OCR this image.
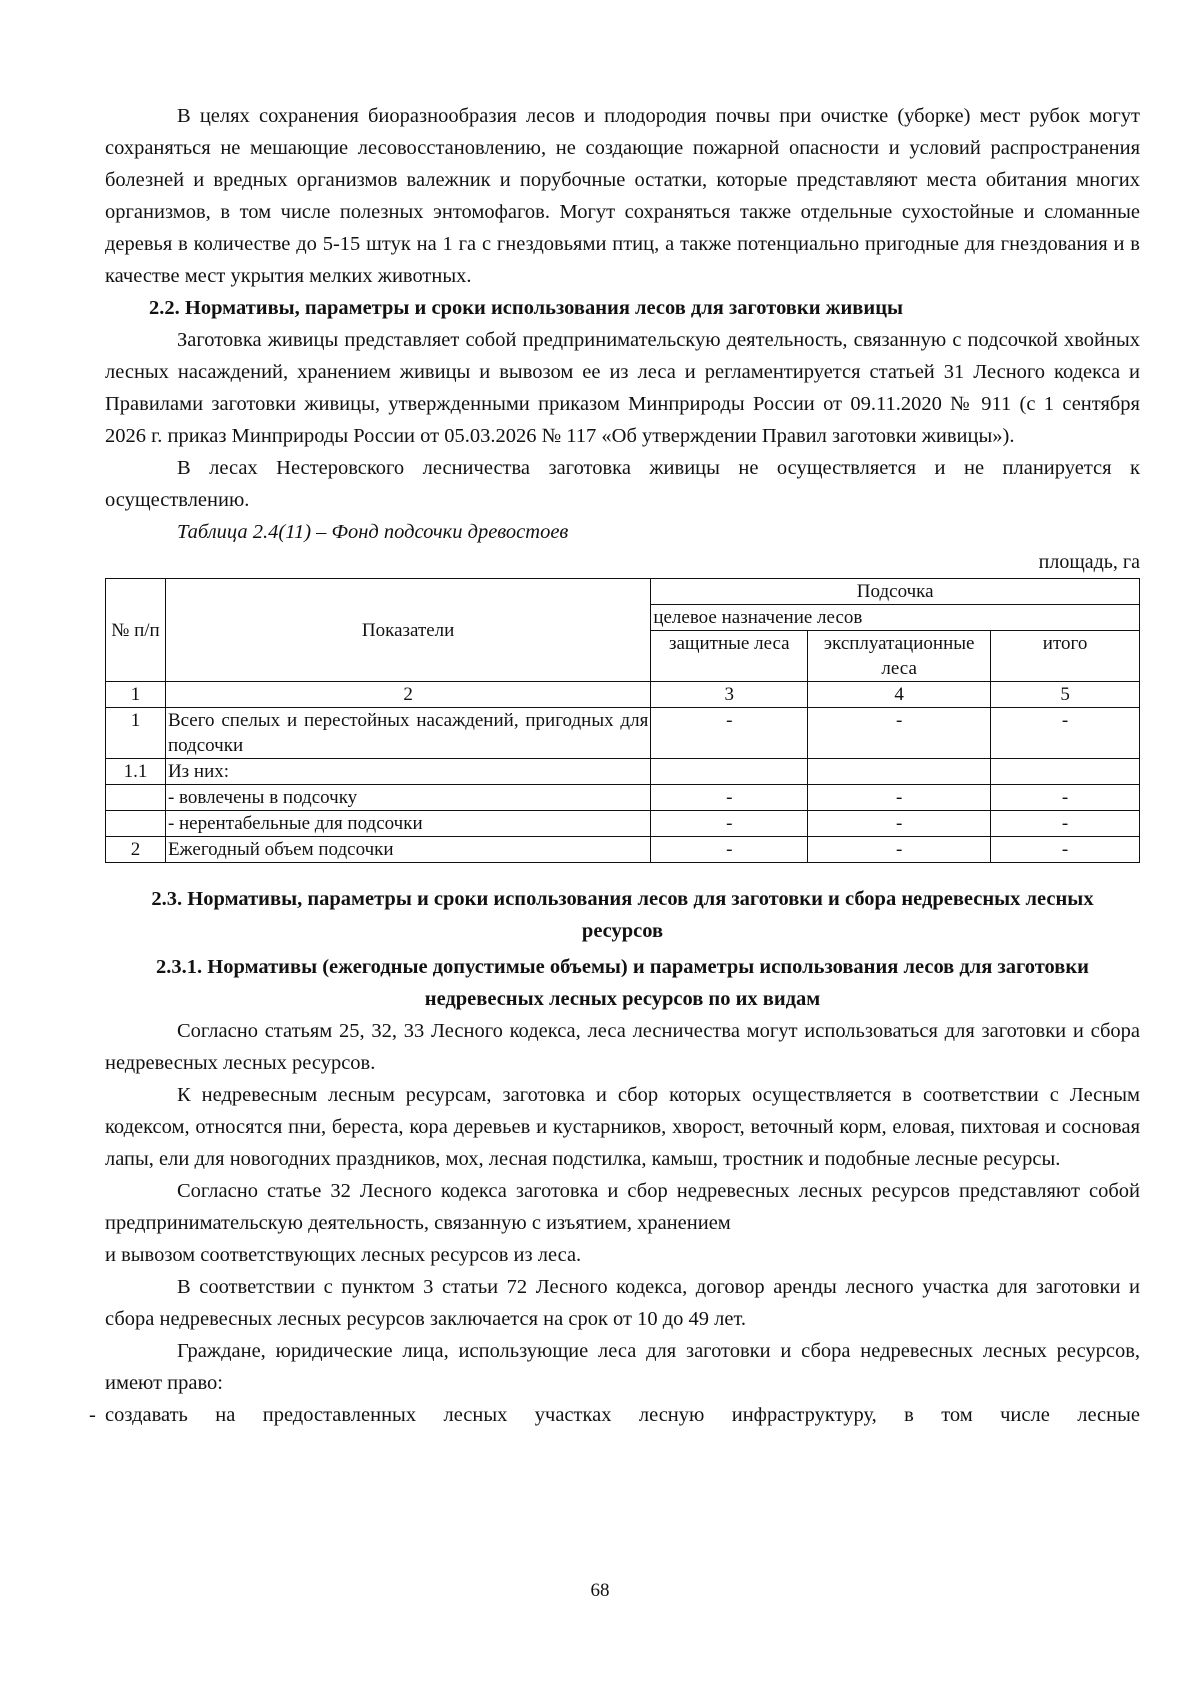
В целях сохранения биоразнообразия лесов и плодородия почвы при очистке (уборке) мест рубок могут сохраняться не мешающие лесовосстановлению, не создающие пожарной опасности и условий распространения болезней и вредных организмов валежник и порубочные остатки, которые представляют места обитания многих организмов, в том числе полезных энтомофагов. Могут сохраняться также отдельные сухостойные и сломанные деревья в количестве до 5-15 штук на 1 га с гнездовьями птиц, а также потенциально пригодные для гнездования и в качестве мест укрытия мелких животных.

2.2. Нормативы, параметры и сроки использования лесов для заготовки живицы

Заготовка живицы представляет собой предпринимательскую деятельность, связанную с подсочкой хвойных лесных насаждений, хранением живицы и вывозом ее из леса и регламентируется статьей 31 Лесного кодекса и Правилами заготовки живицы, утвержденными приказом Минприроды России от 09.11.2020 № 911 (с 1 сентября 2026 г. приказ Минприроды России от 05.03.2026 № 117 «Об утверждении Правил заготовки живицы»).

В лесах Нестеровского лесничества заготовка живицы не осуществляется и не планируется к осуществлению.

Таблица 2.4(11) – Фонд подсочки древостоев

площадь, га

№ п/п	Показатели	Подсочка		
		целевое назначение лесов		
		защитные леса	эксплуатационные леса	итого
1	2	3	4	5
1	Всего спелых и перестойных насаждений, пригодных для подсочки	-	-	-
1.1	Из них:			
	- вовлечены в подсочку	-	-	-
	- нерентабельные для подсочки	-	-	-
2	Ежегодный объем подсочки	-	-	-
2.3. Нормативы, параметры и сроки использования лесов для заготовки и сбора недревесных лесных ресурсов
2.3.1. Нормативы (ежегодные допустимые объемы) и параметры использования лесов для заготовки недревесных лесных ресурсов по их видам

Согласно статьям 25, 32, 33 Лесного кодекса, леса лесничества могут использоваться для заготовки и сбора недревесных лесных ресурсов.

К недревесным лесным ресурсам, заготовка и сбор которых осуществляется в соответствии с Лесным кодексом, относятся пни, береста, кора деревьев и кустарников, хворост, веточный корм, еловая, пихтовая и сосновая лапы, ели для новогодних праздников, мох, лесная подстилка, камыш, тростник и подобные лесные ресурсы.

Согласно статье 32 Лесного кодекса заготовка и сбор недревесных лесных ресурсов представляют собой предпринимательскую деятельность, связанную с изъятием, хранением

и вывозом соответствующих лесных ресурсов из леса.

В соответствии с пунктом 3 статьи 72 Лесного кодекса, договор аренды лесного участка для заготовки и сбора недревесных лесных ресурсов заключается на срок от 10 до 49 лет.

Граждане, юридические лица, использующие леса для заготовки и сбора недревесных лесных ресурсов, имеют право:

- создавать на предоставленных лесных участках лесную инфраструктуру, в том числе лесные

68
